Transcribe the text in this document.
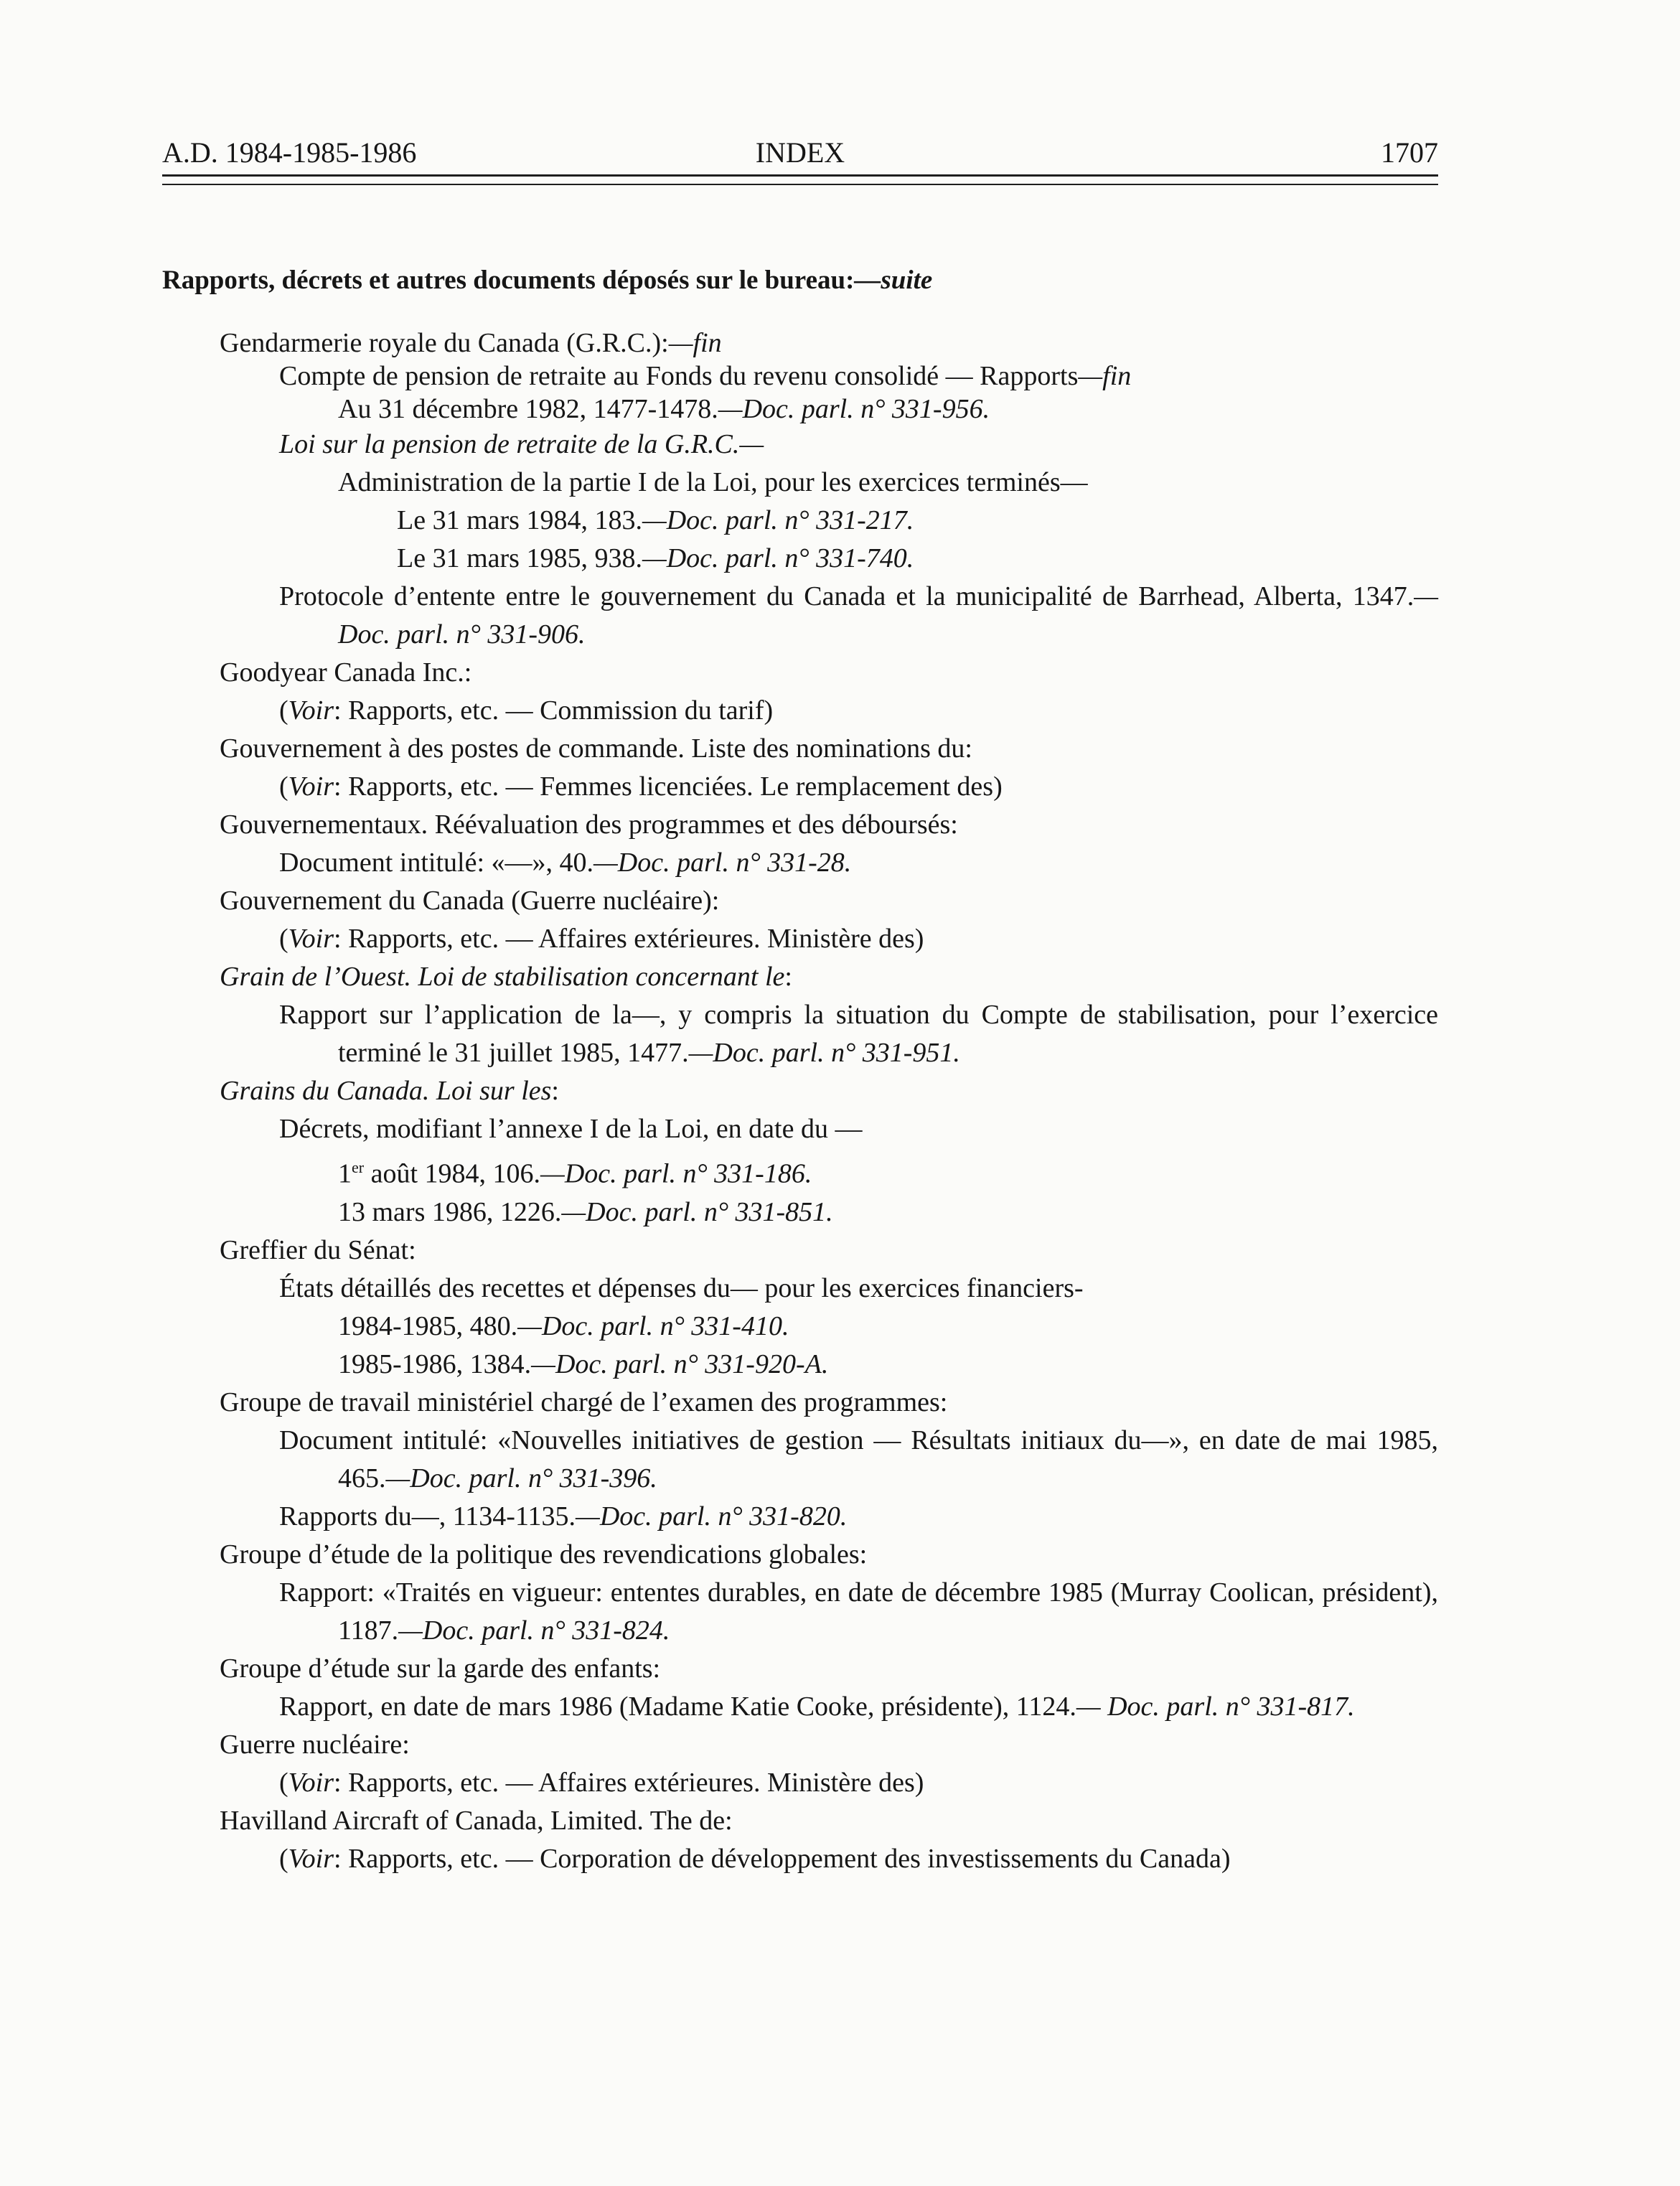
A.D. 1984-1985-1986	INDEX	1707
Rapports, décrets et autres documents déposés sur le bureau:—suite
Gendarmerie royale du Canada (G.R.C.):—fin
Compte de pension de retraite au Fonds du revenu consolidé — Rapports—fin
Au 31 décembre 1982, 1477-1478.—Doc. parl. n° 331-956.
Loi sur la pension de retraite de la G.R.C.—
Administration de la partie I de la Loi, pour les exercices terminés—
Le 31 mars 1984, 183.—Doc. parl. n° 331-217.
Le 31 mars 1985, 938.—Doc. parl. n° 331-740.
Protocole d’entente entre le gouvernement du Canada et la municipalité de Barrhead, Alberta, 1347.—Doc. parl. n° 331-906.
Goodyear Canada Inc.:
(Voir: Rapports, etc. — Commission du tarif)
Gouvernement à des postes de commande. Liste des nominations du:
(Voir: Rapports, etc. — Femmes licenciées. Le remplacement des)
Gouvernementaux. Réévaluation des programmes et des déboursés:
Document intitulé: «—», 40.—Doc. parl. n° 331-28.
Gouvernement du Canada (Guerre nucléaire):
(Voir: Rapports, etc. — Affaires extérieures. Ministère des)
Grain de l’Ouest. Loi de stabilisation concernant le:
Rapport sur l’application de la—, y compris la situation du Compte de stabilisation, pour l’exercice terminé le 31 juillet 1985, 1477.—Doc. parl. n° 331-951.
Grains du Canada. Loi sur les:
Décrets, modifiant l’annexe I de la Loi, en date du —
1er août 1984, 106.—Doc. parl. n° 331-186.
13 mars 1986, 1226.—Doc. parl. n° 331-851.
Greffier du Sénat:
États détaillés des recettes et dépenses du— pour les exercices financiers-
1984-1985, 480.—Doc. parl. n° 331-410.
1985-1986, 1384.—Doc. parl. n° 331-920-A.
Groupe de travail ministériel chargé de l’examen des programmes:
Document intitulé: «Nouvelles initiatives de gestion — Résultats initiaux du—», en date de mai 1985, 465.—Doc. parl. n° 331-396.
Rapports du—, 1134-1135.—Doc. parl. n° 331-820.
Groupe d’étude de la politique des revendications globales:
Rapport: «Traités en vigueur: ententes durables, en date de décembre 1985 (Murray Coolican, président), 1187.—Doc. parl. n° 331-824.
Groupe d’étude sur la garde des enfants:
Rapport, en date de mars 1986 (Madame Katie Cooke, présidente), 1124.— Doc. parl. n° 331-817.
Guerre nucléaire:
(Voir: Rapports, etc. — Affaires extérieures. Ministère des)
Havilland Aircraft of Canada, Limited. The de:
(Voir: Rapports, etc. — Corporation de développement des investissements du Canada)
